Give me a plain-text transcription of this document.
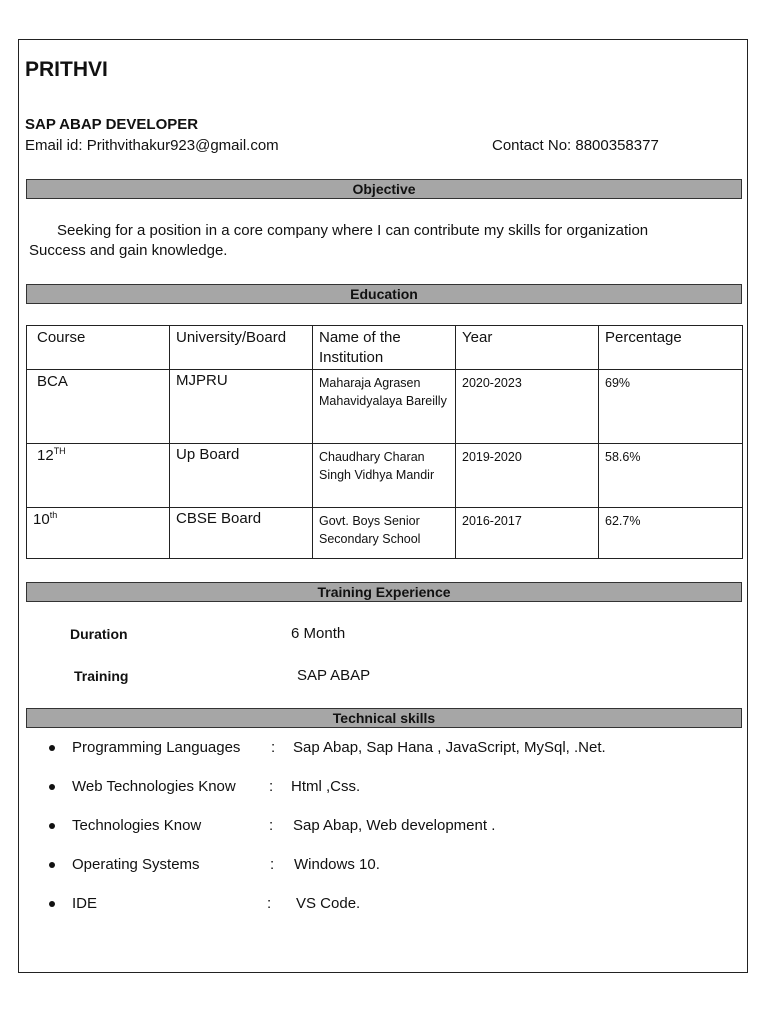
PRITHVI
SAP ABAP DEVELOPER
Email id: Prithvithakur923@gmail.com	Contact No: 8800358377
Objective
Seeking for a position in a core company where I can contribute my skills for organization
Success and gain knowledge.
Education
Course	University/Board	Name of the Institution	Year	Percentage
BCA	MJPRU	Maharaja Agrasen Mahavidyalaya Bareilly	2020-2023	69%
12TH	Up Board	Chaudhary Charan Singh Vidhya Mandir	2019-2020	58.6%
10th	CBSE Board	Govt. Boys Senior Secondary School	2016-2017	62.7%
Training Experience
Duration	6 Month
Training	SAP ABAP
Technical skills
Programming Languages : Sap Abap, Sap Hana , JavaScript, MySql, .Net.
Web Technologies Know : Html ,Css.
Technologies Know	: Sap Abap, Web development .
Operating Systems	: Windows 10.
IDE	: VS Code.
